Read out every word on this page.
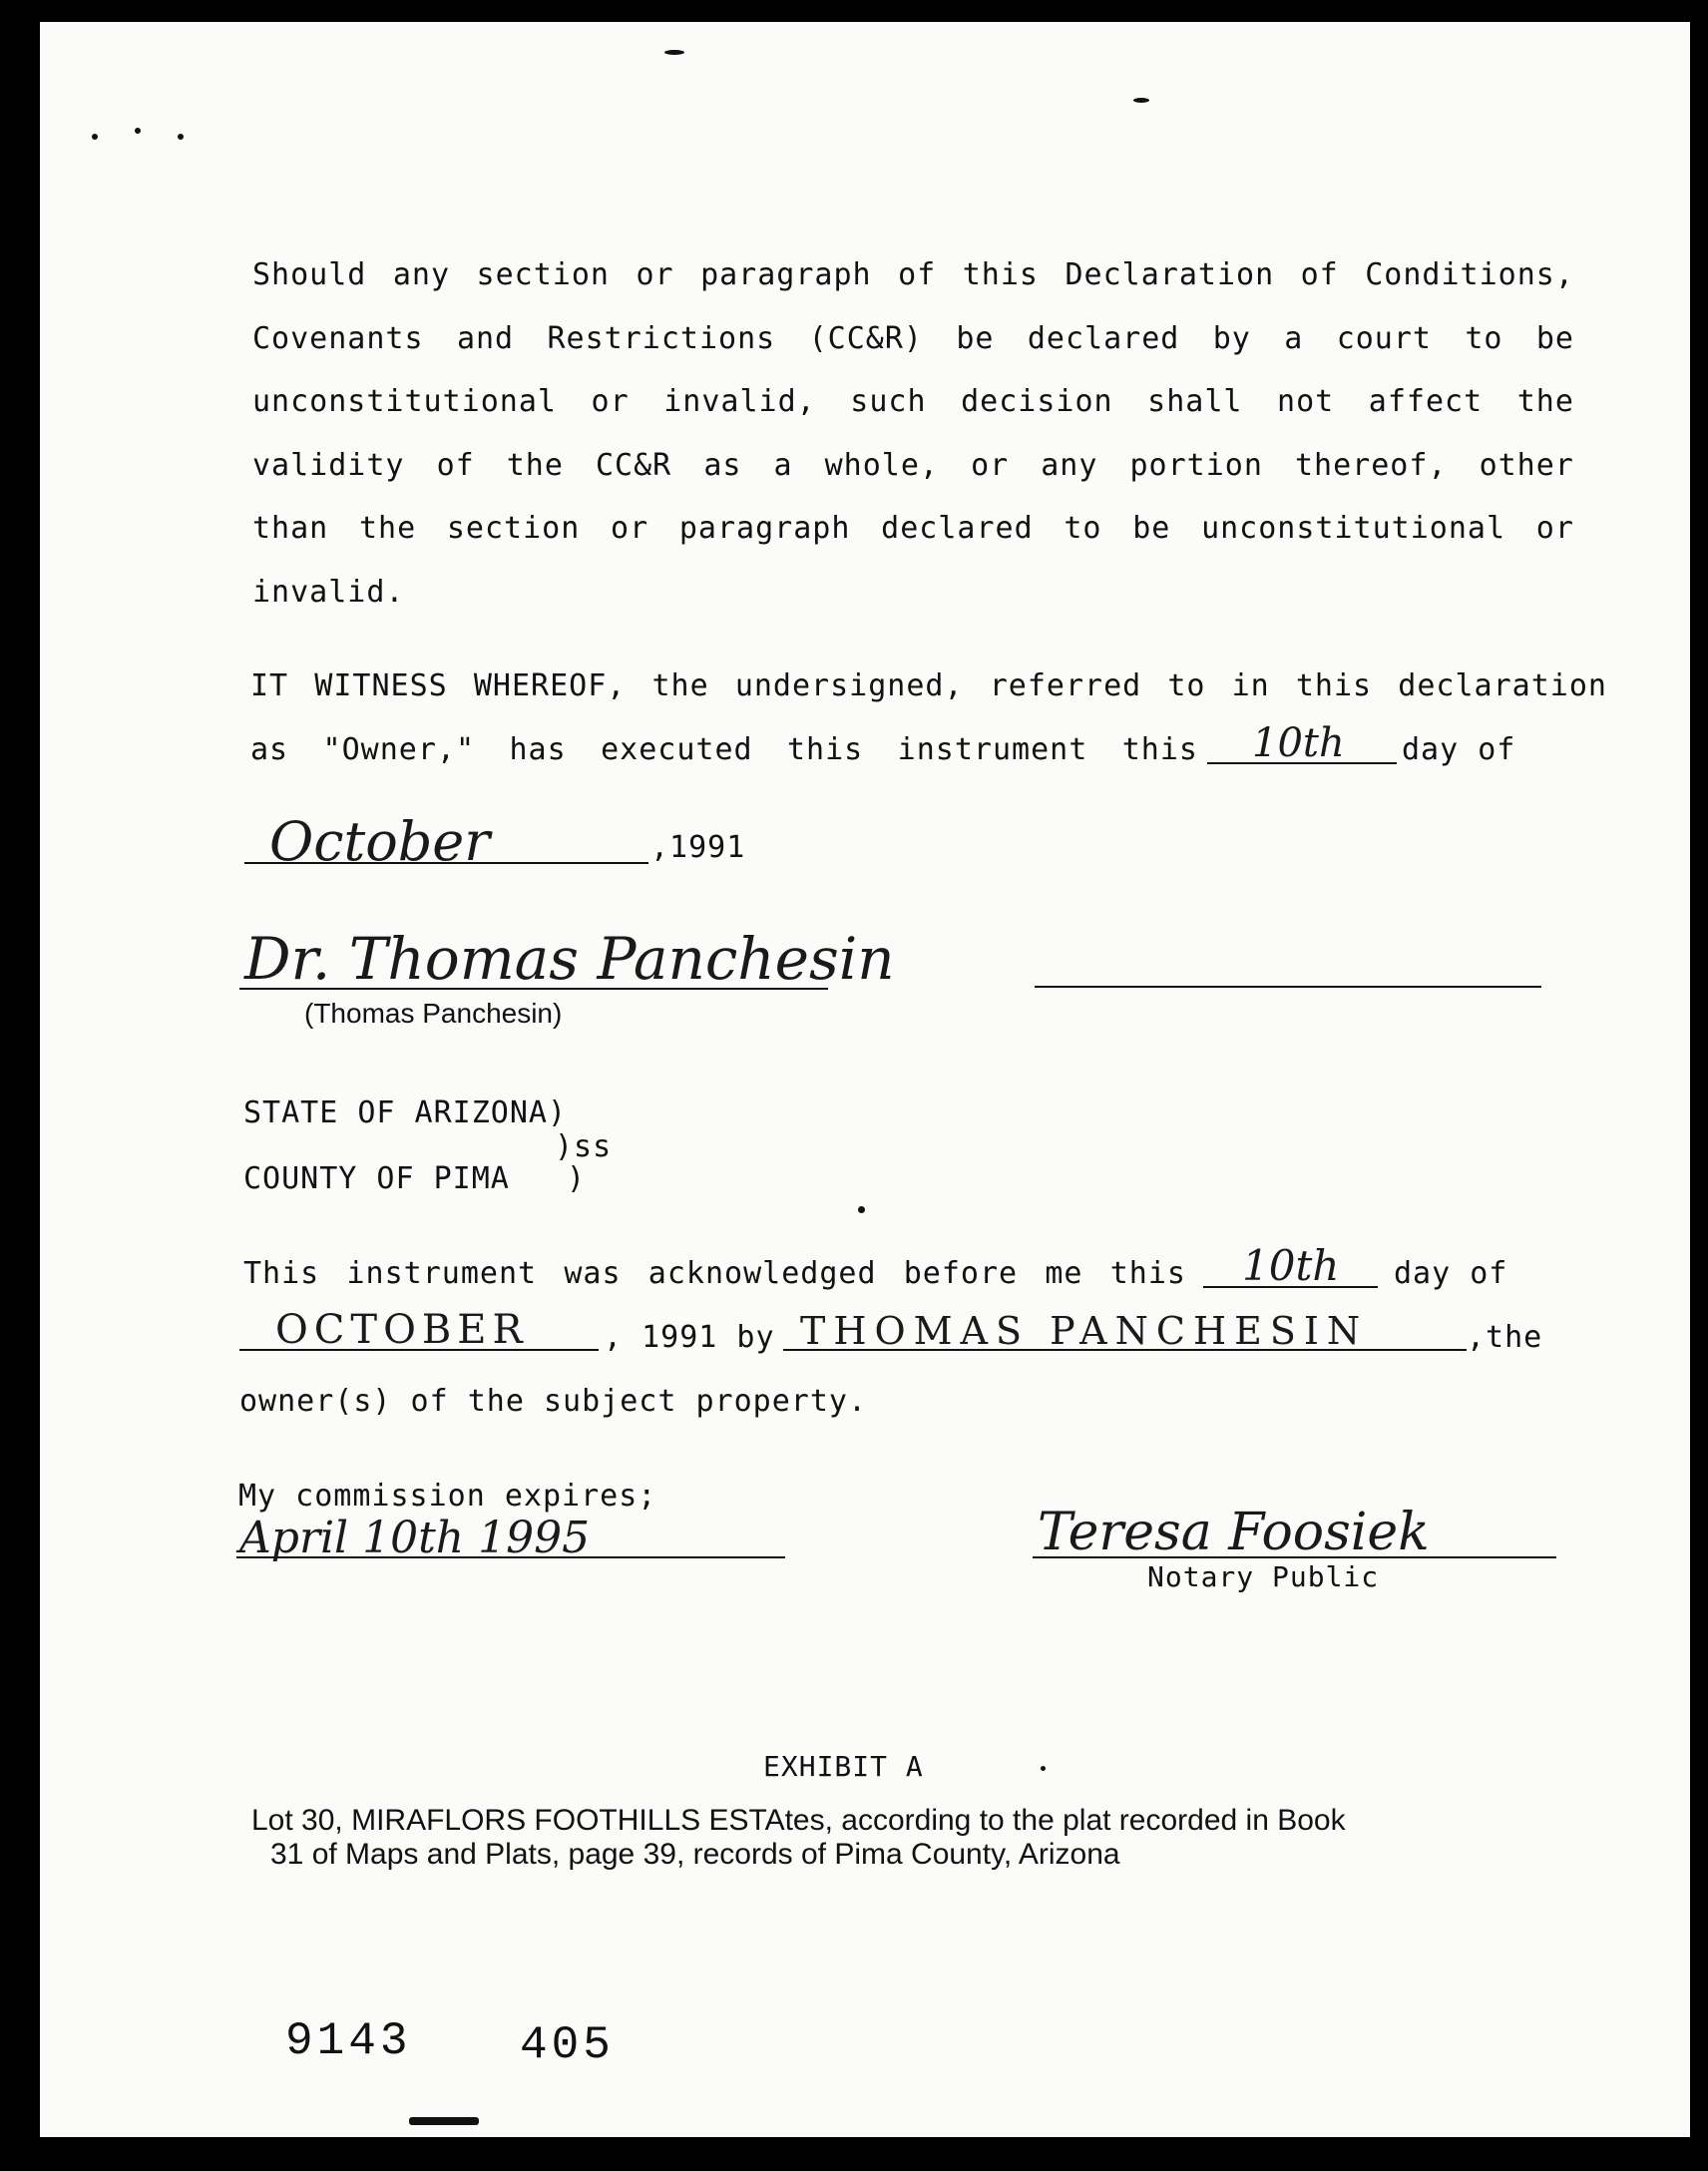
Should any section or paragraph of this Declaration of Conditions,
Covenants and Restrictions (CC&R) be declared by a court to be
unconstitutional or invalid, such decision shall not affect the
validity of the CC&R as a whole, or any portion thereof, other
than the section or paragraph declared to be unconstitutional or
invalid.
IT WITNESS WHEREOF, the undersigned, referred to in this declaration
as "Owner," has executed this instrument this 10th day of
October	,1991
Dr. Thomas Panchesin
(Thomas Panchesin)
STATE OF ARIZONA)
)ss
COUNTY OF PIMA   )
This instrument was acknowledged before me this 10th day of
OCTOBER	, 1991 by THOMAS PANCHESIN	,the
owner(s) of the subject property.
My commission expires;
April 10th 1995	Teresa Foosiek
Notary Public
EXHIBIT A
Lot 30, MIRAFLORS FOOTHILLS ESTAtes, according to the plat recorded in Book
31 of Maps and Plats, page 39, records of Pima County, Arizona
9143 405
